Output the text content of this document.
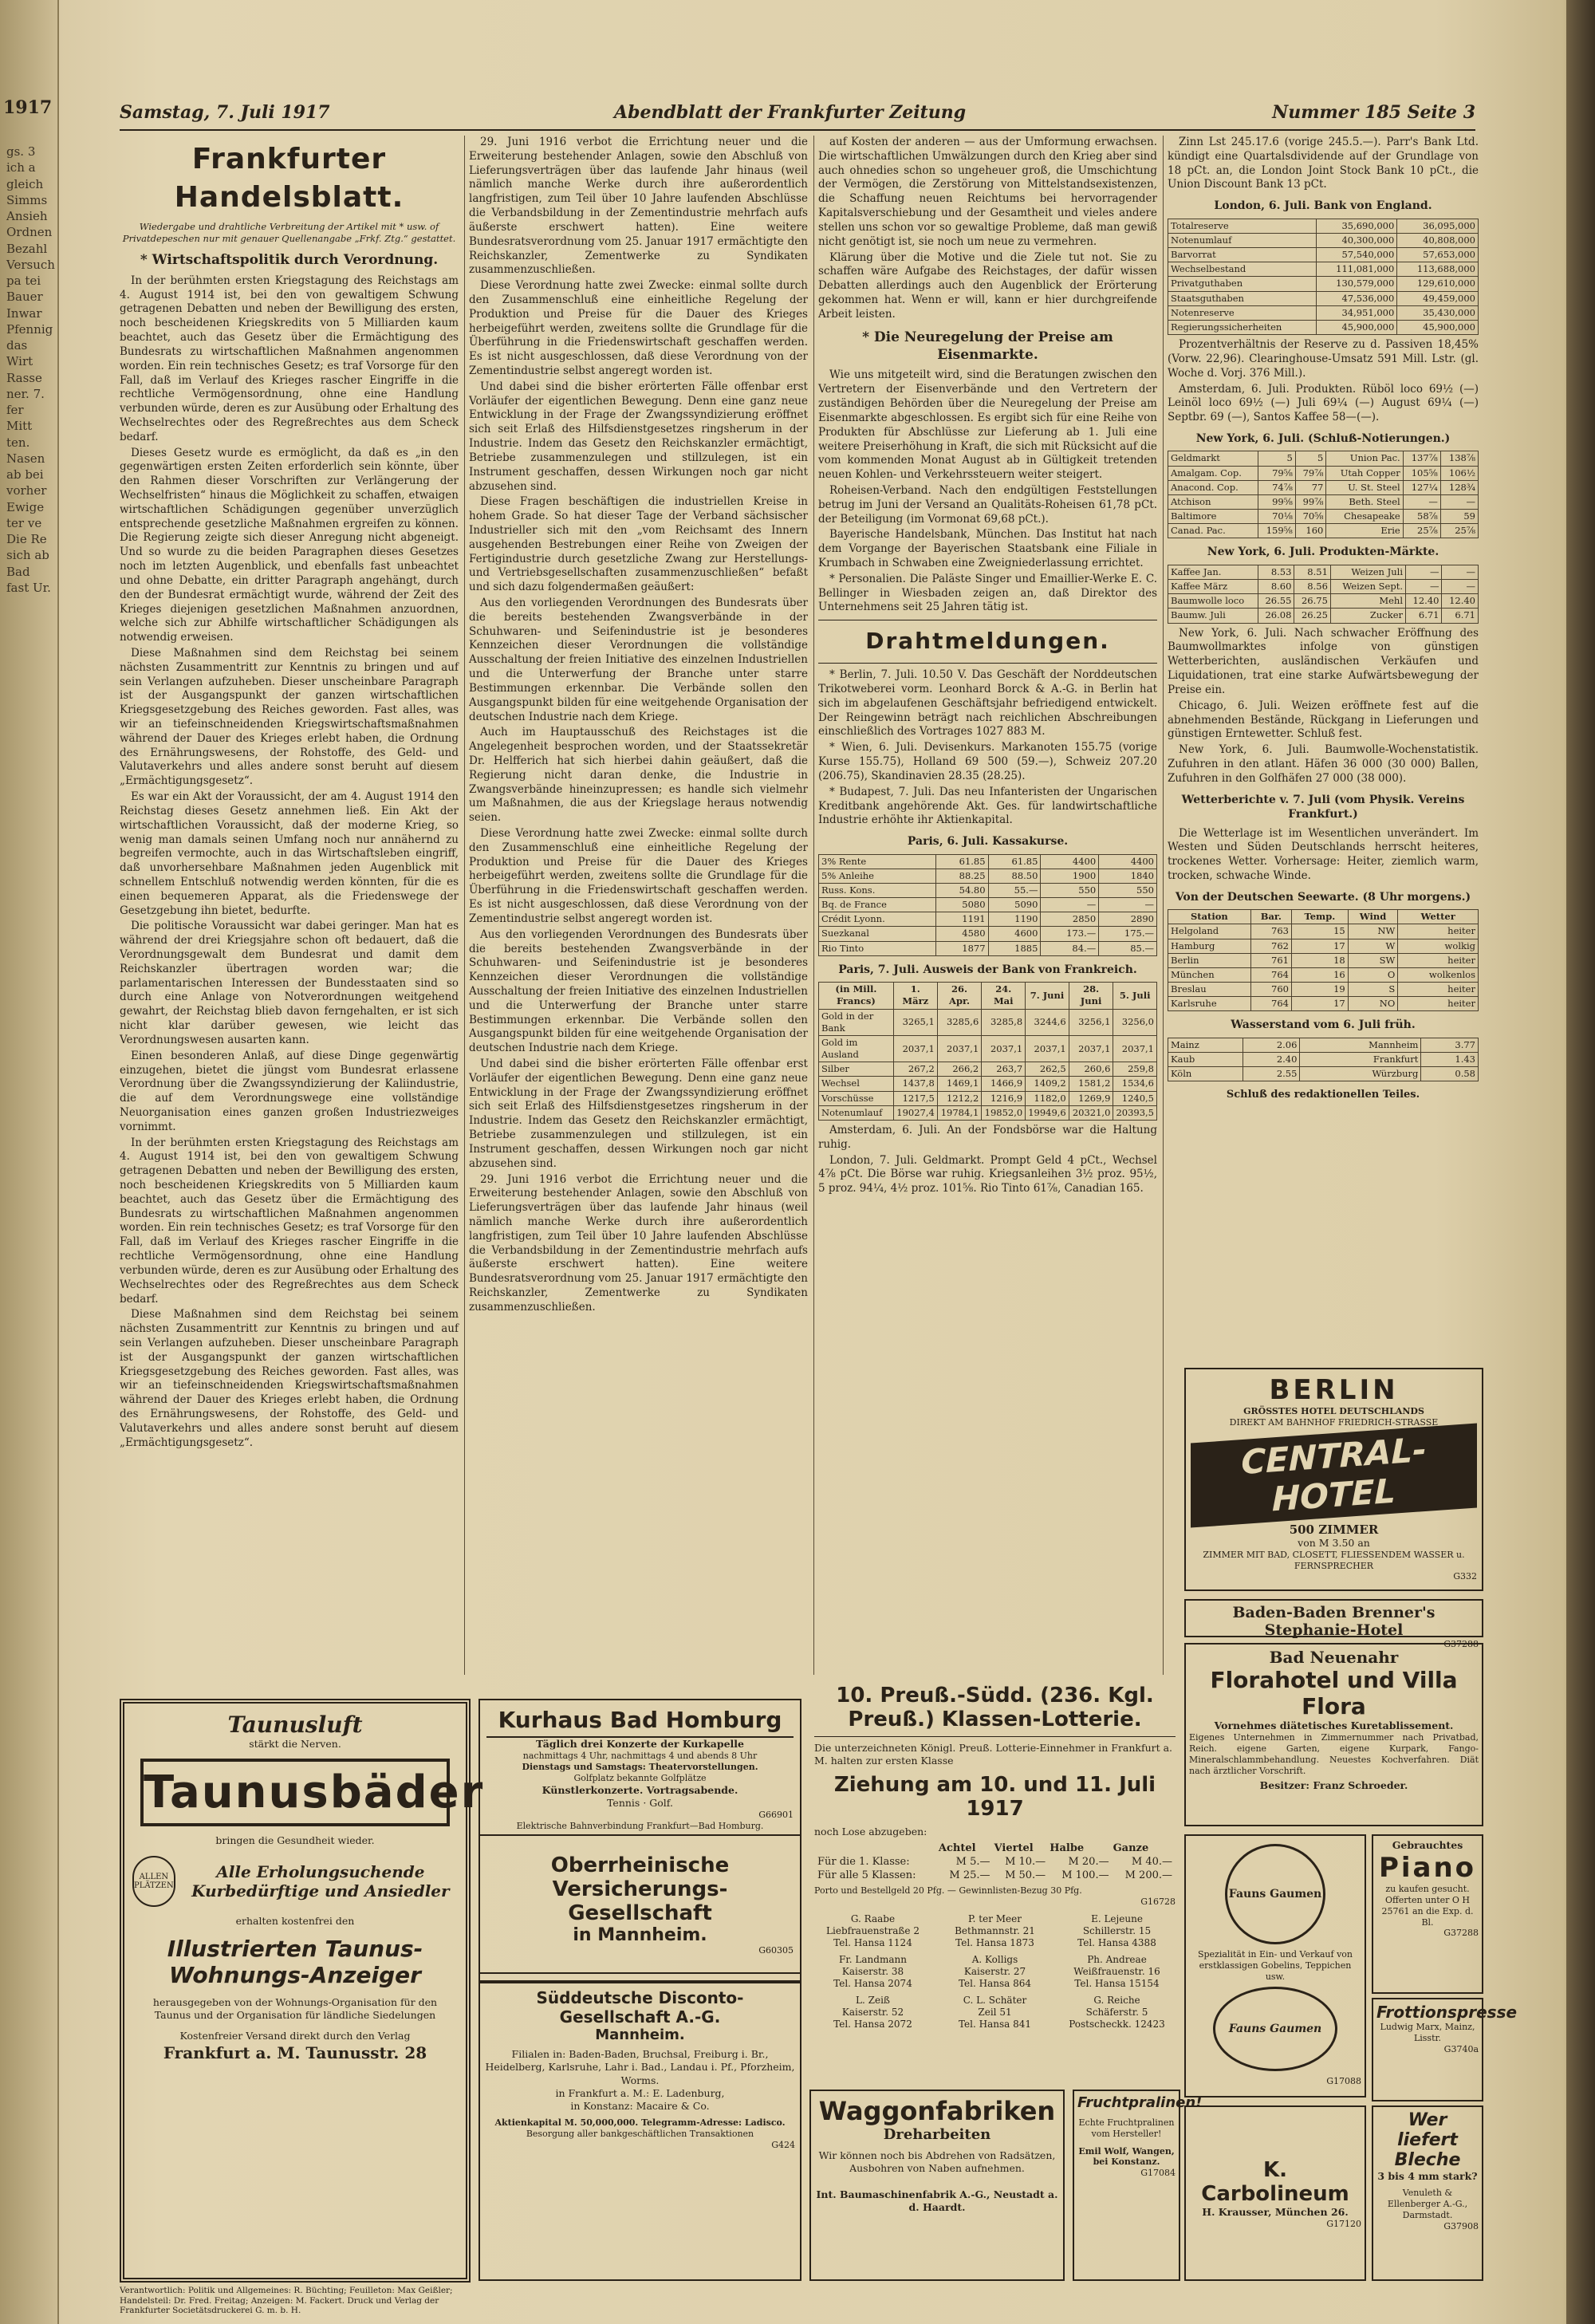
gs. 3 ich a gleich Simms Ansieh Ordnen Bezahl Versuch pa tei Bauer Inwar Pfennig das Wirt Rasse ner. 7. fer Mitt ten. Nasen ab bei vorher Ewige ter ve Die Re sich ab Bad fast Ur.
1917	Samstag, 7. Juli 1917	Abendblatt der Frankfurter Zeitung	Nummer 185 Seite 3
Frankfurter Handelsblatt.
Wiedergabe und drahtliche Verbreitung der Artikel mit * usw. of Privatdepeschen nur mit genauer Quellenangabe „Frkf. Ztg.“ gestattet.
* Wirtschaftspolitik durch Verordnung.

In der berühmten ersten Kriegstagung des Reichstags am 4. August 1914 ist, bei den von gewaltigem Schwung getragenen Debatten und neben der Bewilligung des ersten, noch bescheidenen Kriegskredits von 5 Milliarden kaum beachtet, auch das Gesetz über die Ermächtigung des Bundesrats zu wirtschaftlichen Maßnahmen angenommen worden. Ein rein technisches Gesetz; es traf Vorsorge für den Fall, daß im Verlauf des Krieges rascher Eingriffe in die rechtliche Vermögensordnung, ohne eine Handlung verbunden würde, deren es zur Ausübung oder Erhaltung des Wechselrechtes oder des Regreßrechtes aus dem Scheck bedarf.

Dieses Gesetz wurde es ermöglicht, da daß es „in den gegenwärtigen ersten Zeiten erforderlich sein könnte, über den Rahmen dieser Vorschriften zur Verlängerung der Wechselfristen“ hinaus die Möglichkeit zu schaffen, etwaigen wirtschaftlichen Schädigungen gegenüber unverzüglich entsprechende gesetzliche Maßnahmen ergreifen zu können. Die Regierung zeigte sich dieser Anregung nicht abgeneigt. Und so wurde zu die beiden Paragraphen dieses Gesetzes noch im letzten Augenblick, und ebenfalls fast unbeachtet und ohne Debatte, ein dritter Paragraph angehängt, durch den der Bundesrat ermächtigt wurde, während der Zeit des Krieges diejenigen gesetzlichen Maßnahmen anzuordnen, welche sich zur Abhilfe wirtschaftlicher Schädigungen als notwendig erweisen.

Diese Maßnahmen sind dem Reichstag bei seinem nächsten Zusammentritt zur Kenntnis zu bringen und auf sein Verlangen aufzuheben. Dieser unscheinbare Paragraph ist der Ausgangspunkt der ganzen wirtschaftlichen Kriegsgesetzgebung des Reiches geworden. Fast alles, was wir an tiefeinschneidenden Kriegswirtschaftsmaßnahmen während der Dauer des Krieges erlebt haben, die Ordnung des Ernährungswesens, der Rohstoffe, des Geld- und Valutaverkehrs und alles andere sonst beruht auf diesem „Ermächtigungsgesetz“.

Es war ein Akt der Voraussicht, der am 4. August 1914 den Reichstag dieses Gesetz annehmen ließ. Ein Akt der wirtschaftlichen Voraussicht, daß der moderne Krieg, so wenig man damals seinen Umfang noch nur annähernd zu begreifen vermochte, auch in das Wirtschaftsleben eingriff, daß unvorhersehbare Maßnahmen jeden Augenblick mit schnellem Entschluß notwendig werden könnten, für die es einen bequemeren Apparat, als die Friedenswege der Gesetzgebung ihn bietet, bedurfte.

Die politische Voraussicht war dabei geringer. Man hat es während der drei Kriegsjahre schon oft bedauert, daß die Verordnungsgewalt dem Bundesrat und damit dem Reichskanzler übertragen worden war; die parlamentarischen Interessen der Bundesstaaten sind so durch eine Anlage von Notverordnungen weitgehend gewahrt, der Reichstag blieb davon ferngehalten, er ist sich nicht klar darüber gewesen, wie leicht das Verordnungswesen ausarten kann.

Einen besonderen Anlaß, auf diese Dinge gegenwärtig einzugehen, bietet die jüngst vom Bundesrat erlassene Verordnung über die Zwangssyndizierung der Kaliindustrie, die auf dem Verordnungswege eine vollständige Neuorganisation eines ganzen großen Industriezweiges vornimmt.

In der berühmten ersten Kriegstagung des Reichstags am 4. August 1914 ist, bei den von gewaltigem Schwung getragenen Debatten und neben der Bewilligung des ersten, noch bescheidenen Kriegskredits von 5 Milliarden kaum beachtet, auch das Gesetz über die Ermächtigung des Bundesrats zu wirtschaftlichen Maßnahmen angenommen worden. Ein rein technisches Gesetz; es traf Vorsorge für den Fall, daß im Verlauf des Krieges rascher Eingriffe in die rechtliche Vermögensordnung, ohne eine Handlung verbunden würde, deren es zur Ausübung oder Erhaltung des Wechselrechtes oder des Regreßrechtes aus dem Scheck bedarf.

Diese Maßnahmen sind dem Reichstag bei seinem nächsten Zusammentritt zur Kenntnis zu bringen und auf sein Verlangen aufzuheben. Dieser unscheinbare Paragraph ist der Ausgangspunkt der ganzen wirtschaftlichen Kriegsgesetzgebung des Reiches geworden. Fast alles, was wir an tiefeinschneidenden Kriegswirtschaftsmaßnahmen während der Dauer des Krieges erlebt haben, die Ordnung des Ernährungswesens, der Rohstoffe, des Geld- und Valutaverkehrs und alles andere sonst beruht auf diesem „Ermächtigungsgesetz“.

29. Juni 1916 verbot die Errichtung neuer und die Erweiterung bestehender Anlagen, sowie den Abschluß von Lieferungsverträgen über das laufende Jahr hinaus (weil nämlich manche Werke durch ihre außerordentlich langfristigen, zum Teil über 10 Jahre laufenden Abschlüsse die Verbandsbildung in der Zementindustrie mehrfach aufs äußerste erschwert hatten). Eine weitere Bundesratsverordnung vom 25. Januar 1917 ermächtigte den Reichskanzler, Zementwerke zu Syndikaten zusammenzuschließen.

Diese Verordnung hatte zwei Zwecke: einmal sollte durch den Zusammenschluß eine einheitliche Regelung der Produktion und Preise für die Dauer des Krieges herbeigeführt werden, zweitens sollte die Grundlage für die Überführung in die Friedenswirtschaft geschaffen werden. Es ist nicht ausgeschlossen, daß diese Verordnung von der Zementindustrie selbst angeregt worden ist.

Und dabei sind die bisher erörterten Fälle offenbar erst Vorläufer der eigentlichen Bewegung. Denn eine ganz neue Entwicklung in der Frage der Zwangssyndizierung eröffnet sich seit Erlaß des Hilfsdienstgesetzes ringsherum in der Industrie. Indem das Gesetz den Reichskanzler ermächtigt, Betriebe zusammenzulegen und stillzulegen, ist ein Instrument geschaffen, dessen Wirkungen noch gar nicht abzusehen sind.

Diese Fragen beschäftigen die industriellen Kreise in hohem Grade. So hat dieser Tage der Verband sächsischer Industrieller sich mit den „vom Reichsamt des Innern ausgehenden Bestrebungen einer Reihe von Zweigen der Fertigindustrie durch gesetzliche Zwang zur Herstellungs- und Vertriebsgesellschaften zusammenzuschließen“ befaßt und sich dazu folgendermaßen geäußert:

Aus den vorliegenden Verordnungen des Bundesrats über die bereits bestehenden Zwangsverbände in der Schuhwaren- und Seifenindustrie ist je besonderes Kennzeichen dieser Verordnungen die vollständige Ausschaltung der freien Initiative des einzelnen Industriellen und die Unterwerfung der Branche unter starre Bestimmungen erkennbar. Die Verbände sollen den Ausgangspunkt bilden für eine weitgehende Organisation der deutschen Industrie nach dem Kriege.

Auch im Hauptausschuß des Reichstages ist die Angelegenheit besprochen worden, und der Staatssekretär Dr. Helfferich hat sich hierbei dahin geäußert, daß die Regierung nicht daran denke, die Industrie in Zwangsverbände hineinzupressen; es handle sich vielmehr um Maßnahmen, die aus der Kriegslage heraus notwendig seien.

Diese Verordnung hatte zwei Zwecke: einmal sollte durch den Zusammenschluß eine einheitliche Regelung der Produktion und Preise für die Dauer des Krieges herbeigeführt werden, zweitens sollte die Grundlage für die Überführung in die Friedenswirtschaft geschaffen werden. Es ist nicht ausgeschlossen, daß diese Verordnung von der Zementindustrie selbst angeregt worden ist.

Aus den vorliegenden Verordnungen des Bundesrats über die bereits bestehenden Zwangsverbände in der Schuhwaren- und Seifenindustrie ist je besonderes Kennzeichen dieser Verordnungen die vollständige Ausschaltung der freien Initiative des einzelnen Industriellen und die Unterwerfung der Branche unter starre Bestimmungen erkennbar. Die Verbände sollen den Ausgangspunkt bilden für eine weitgehende Organisation der deutschen Industrie nach dem Kriege.

Und dabei sind die bisher erörterten Fälle offenbar erst Vorläufer der eigentlichen Bewegung. Denn eine ganz neue Entwicklung in der Frage der Zwangssyndizierung eröffnet sich seit Erlaß des Hilfsdienstgesetzes ringsherum in der Industrie. Indem das Gesetz den Reichskanzler ermächtigt, Betriebe zusammenzulegen und stillzulegen, ist ein Instrument geschaffen, dessen Wirkungen noch gar nicht abzusehen sind.

29. Juni 1916 verbot die Errichtung neuer und die Erweiterung bestehender Anlagen, sowie den Abschluß von Lieferungsverträgen über das laufende Jahr hinaus (weil nämlich manche Werke durch ihre außerordentlich langfristigen, zum Teil über 10 Jahre laufenden Abschlüsse die Verbandsbildung in der Zementindustrie mehrfach aufs äußerste erschwert hatten). Eine weitere Bundesratsverordnung vom 25. Januar 1917 ermächtigte den Reichskanzler, Zementwerke zu Syndikaten zusammenzuschließen.

auf Kosten der anderen — aus der Umformung erwachsen. Die wirtschaftlichen Umwälzungen durch den Krieg aber sind auch ohnedies schon so ungeheuer groß, die Umschichtung der Vermögen, die Zerstörung von Mittelstandsexistenzen, die Schaffung neuen Reichtums bei hervorragender Kapitalsverschiebung und der Gesamtheit und vieles andere stellen uns schon vor so gewaltige Probleme, daß man gewiß nicht genötigt ist, sie noch um neue zu vermehren.

Klärung über die Motive und die Ziele tut not. Sie zu schaffen wäre Aufgabe des Reichstages, der dafür wissen Debatten allerdings auch den Augenblick der Erörterung gekommen hat. Wenn er will, kann er hier durchgreifende Arbeit leisten.

* Die Neuregelung der Preise am Eisenmarkte.

Wie uns mitgeteilt wird, sind die Beratungen zwischen den Vertretern der Eisenverbände und den Vertretern der zuständigen Behörden über die Neuregelung der Preise am Eisenmarkte abgeschlossen. Es ergibt sich für eine Reihe von Produkten für Abschlüsse zur Lieferung ab 1. Juli eine weitere Preiserhöhung in Kraft, die sich mit Rücksicht auf die vom kommenden Monat August ab in Gültigkeit tretenden neuen Kohlen- und Verkehrssteuern weiter steigert.

Roheisen-Verband. Nach den endgültigen Feststellungen betrug im Juni der Versand an Qualitäts-Roheisen 61,78 pCt. der Beteiligung (im Vormonat 69,68 pCt.).

Bayerische Handelsbank, München. Das Institut hat nach dem Vorgange der Bayerischen Staatsbank eine Filiale in Krumbach in Schwaben eine Zweigniederlassung errichtet.

* Personalien. Die Paläste Singer und Emaillier-Werke E. C. Bellinger in Wiesbaden zeigen an, daß Direktor des Unternehmens seit 25 Jahren tätig ist.

Drahtmeldungen.

* Berlin, 7. Juli. 10.50 V. Das Geschäft der Norddeutschen Trikotweberei vorm. Leonhard Borck & A.-G. in Berlin hat sich im abgelaufenen Geschäftsjahr befriedigend entwickelt. Der Reingewinn beträgt nach reichlichen Abschreibungen einschließlich des Vortrages 1027 883 M.

* Wien, 6. Juli. Devisenkurs. Markanoten 155.75 (vorige Kurse 155.75), Holland 69 500 (59.—), Schweiz 207.20 (206.75), Skandinavien 28.35 (28.25).

* Budapest, 7. Juli. Das neu Infanteristen der Ungarischen Kreditbank angehörende Akt. Ges. für landwirtschaftliche Industrie erhöhte ihr Aktienkapital.

Paris, 6. Juli. Kassakurse.
3% Rente	61.85	61.85	4400	4400
5% Anleihe	88.25	88.50	1900	1840
Russ. Kons.	54.80	55.—	550	550
Bq. de France	5080	5090	—	—
Crédit Lyonn.	1191	1190	2850	2890
Suezkanal	4580	4600	173.—	175.—
Rio Tinto	1877	1885	84.—	85.—
Paris, 7. Juli. Ausweis der Bank von Frankreich.
(in Mill. Francs)	1. März	26. Apr.	24. Mai	7. Juni	28. Juni	5. Juli
Gold in der Bank	3265,1	3285,6	3285,8	3244,6	3256,1	3256,0
Gold im Ausland	2037,1	2037,1	2037,1	2037,1	2037,1	2037,1
Silber	267,2	266,2	263,7	262,5	260,6	259,8
Wechsel	1437,8	1469,1	1466,9	1409,2	1581,2	1534,6
Vorschüsse	1217,5	1212,2	1216,9	1182,0	1269,9	1240,5
Notenumlauf	19027,4	19784,1	19852,0	19949,6	20321,0	20393,5

Amsterdam, 6. Juli. An der Fondsbörse war die Haltung ruhig.

London, 7. Juli. Geldmarkt. Prompt Geld 4 pCt., Wechsel 4⅞ pCt. Die Börse war ruhig. Kriegsanleihen 3½ proz. 95½, 5 proz. 94¼, 4½ proz. 101⅝. Rio Tinto 61⅞, Canadian 165.

Zinn Lst 245.17.6 (vorige 245.5.—). Parr's Bank Ltd. kündigt eine Quartalsdividende auf der Grundlage von 18 pCt. an, die London Joint Stock Bank 10 pCt., die Union Discount Bank 13 pCt.

London, 6. Juli. Bank von England.
Totalreserve	35,690,000	36,095,000
Notenumlauf	40,300,000	40,808,000
Barvorrat	57,540,000	57,653,000
Wechselbestand	111,081,000	113,688,000
Privatguthaben	130,579,000	129,610,000
Staatsguthaben	47,536,000	49,459,000
Notenreserve	34,951,000	35,430,000
Regierungssicherheiten	45,900,000	45,900,000

Prozentverhältnis der Reserve zu d. Passiven 18,45% (Vorw. 22,96). Clearinghouse-Umsatz 591 Mill. Lstr. (gl. Woche d. Vorj. 376 Mill.).

Amsterdam, 6. Juli. Produkten. Rüböl loco 69½ (—) Leinöl loco 69½ (—) Juli 69¼ (—) August 69¼ (—) Septbr. 69 (—), Santos Kaffee 58—(—).

New York, 6. Juli. (Schluß-Notierungen.)
Geldmarkt	5	5	Union Pac.	137⅞	138⅞
Amalgam. Cop.	79⅝	79⅞	Utah Copper	105⅝	106½
Anacond. Cop.	74⅞	77	U. St. Steel	127¼	128¾
Atchison	99⅝	99⅞	Beth. Steel	—	—
Baltimore	70⅛	70⅝	Chesapeake	58⅞	59
Canad. Pac.	159⅝	160	Erie	25⅞	25⅞
New York, 6. Juli. Produkten-Märkte.
Kaffee Jan.	8.53	8.51	Weizen Juli	—	—
Kaffee März	8.60	8.56	Weizen Sept.	—	—
Baumwolle loco	26.55	26.75	Mehl	12.40	12.40
Baumw. Juli	26.08	26.25	Zucker	6.71	6.71

New York, 6. Juli. Nach schwacher Eröffnung des Baumwollmarktes infolge von günstigen Wetterberichten, ausländischen Verkäufen und Liquidationen, trat eine starke Aufwärtsbewegung der Preise ein.

Chicago, 6. Juli. Weizen eröffnete fest auf die abnehmenden Bestände, Rückgang in Lieferungen und günstigen Erntewetter. Schluß fest.

New York, 6. Juli. Baumwolle-Wochenstatistik. Zufuhren in den atlant. Häfen 36 000 (30 000) Ballen, Zufuhren in den Golfhäfen 27 000 (38 000).

Wetterberichte v. 7. Juli (vom Physik. Vereins Frankfurt.)

Die Wetterlage ist im Wesentlichen unverändert. Im Westen und Süden Deutschlands herrscht heiteres, trockenes Wetter. Vorhersage: Heiter, ziemlich warm, trocken, schwache Winde.

Von der Deutschen Seewarte. (8 Uhr morgens.)
Station	Bar.	Temp.	Wind	Wetter
Helgoland	763	15	NW	heiter
Hamburg	762	17	W	wolkig
Berlin	761	18	SW	heiter
München	764	16	O	wolkenlos
Breslau	760	19	S	heiter
Karlsruhe	764	17	NO	heiter
Wasserstand vom 6. Juli früh.
Mainz	2.06	Mannheim	3.77
Kaub	2.40	Frankfurt	1.43
Köln	2.55	Würzburg	0.58
Schluß des redaktionellen Teiles.
BERLIN
GRÖSSTES HOTEL DEUTSCHLANDS
DIREKT AM BAHNHOF FRIEDRICH-STRASSE
CENTRAL-HOTEL
500 ZIMMER
von M 3.50 an
ZIMMER MIT BAD, CLOSETT, FLIESSENDEM WASSER u. FERNSPRECHER
G332
Baden-Baden Brenner's Stephanie-Hotel
G37288
Bad Neuenahr
Florahotel und Villa Flora
Vornehmes diätetisches Kuretablissement.
Eigenes Unternehmen in Zimmernummer nach Privatbad, Reich. eigene Garten, eigene Kurpark, Fango-Mineralschlammbehandlung. Neuestes Kochverfahren. Diät nach ärztlicher Vorschrift.
Besitzer: Franz Schroeder.
Fauns Gaumen
Spezialität in Ein- und Verkauf von erstklassigen Gobelins, Teppichen usw.
Fauns Gaumen
G17088
Gebrauchtes
Piano
zu kaufen gesucht. Offerten unter O H 25761 an die Exp. d. Bl.
G37288
Frottionspresse
Ludwig Marx, Mainz, Lisstr.
G3740a
K. Carbolineum
H. Krausser, München 26.
G17120
Wer liefert Bleche
3 bis 4 mm stark?
Venuleth & Ellenberger A.-G., Darmstadt.
G37908
10. Preuß.-Südd. (236. Kgl. Preuß.) Klassen-Lotterie.
Die unterzeichneten Königl. Preuß. Lotterie-Einnehmer in Frankfurt a. M. halten zur ersten Klasse
Ziehung am 10. und 11. Juli 1917
noch Lose abzugeben:
	Achtel	Viertel	Halbe	Ganze
Für die 1. Klasse:	M 5.—	M 10.—	M 20.—	M 40.—
Für alle 5 Klassen:	M 25.—	M 50.—	M 100.—	M 200.—
Porto und Bestellgeld 20 Pfg. — Gewinnlisten-Bezug 30 Pfg.
G16728
G. Raabe
Liebfrauenstraße 2
Tel. Hansa 1124
P. ter Meer
Bethmannstr. 21
Tel. Hansa 1873
E. Lejeune
Schillerstr. 15
Tel. Hansa 4388
Fr. Landmann
Kaiserstr. 38
Tel. Hansa 2074
A. Kolligs
Kaiserstr. 27
Tel. Hansa 864
Ph. Andreae
Weißfrauenstr. 16
Tel. Hansa 15154
L. Zeiß
Kaiserstr. 52
Tel. Hansa 2072
C. L. Schäter
Zeil 51
Tel. Hansa 841
G. Reiche
Schäferstr. 5
Postscheckk. 12423
Waggonfabriken
Dreharbeiten
Wir können noch bis Abdrehen von Radsätzen, Ausbohren von Naben aufnehmen.
Int. Baumaschinenfabrik A.-G., Neustadt a. d. Haardt.
Fruchtpralinen!
Echte Fruchtpralinen vom Hersteller!
Emil Wolf, Wangen, bei Konstanz.
G17084
Kurhaus Bad Homburg
Täglich drei Konzerte der Kurkapelle
nachmittags 4 Uhr, nachmittags 4 und abends 8 Uhr
Dienstags und Samstags: Theatervorstellungen.
Golfplatz bekannte Golfplätze
Künstlerkonzerte. Vortragsabende.
Tennis · Golf.
G66901
Elektrische Bahnverbindung Frankfurt—Bad Homburg.
Oberrheinische Versicherungs-Gesellschaft
in Mannheim.
G60305
Süddeutsche Disconto-Gesellschaft A.-G.
Mannheim.
Filialen in: Baden-Baden, Bruchsal, Freiburg i. Br., Heidelberg, Karlsruhe, Lahr i. Bad., Landau i. Pf., Pforzheim, Worms.
in Frankfurt a. M.: E. Ladenburg,
in Konstanz: Macaire & Co.
Aktienkapital M. 50,000,000. Telegramm-Adresse: Ladisco.
Besorgung aller bankgeschäftlichen Transaktionen
G424
Taunusluft
stärkt die Nerven.
Taunusbäder
bringen die Gesundheit wieder.
ALLEN PLÄTZEN
Alle Erholungsuchende Kurbedürftige und Ansiedler
erhalten kostenfrei den
Illustrierten Taunus-Wohnungs-Anzeiger
herausgegeben von der Wohnungs-Organisation für den Taunus und der Organisation für ländliche Siedelungen
Kostenfreier Versand direkt durch den Verlag
Frankfurt a. M. Taunusstr. 28
Verantwortlich: Politik und Allgemeines: R. Büchting; Feuilleton: Max Geißler; Handelsteil: Dr. Fred. Freitag; Anzeigen: M. Fackert. Druck und Verlag der Frankfurter Societätsdruckerei G. m. b. H.
